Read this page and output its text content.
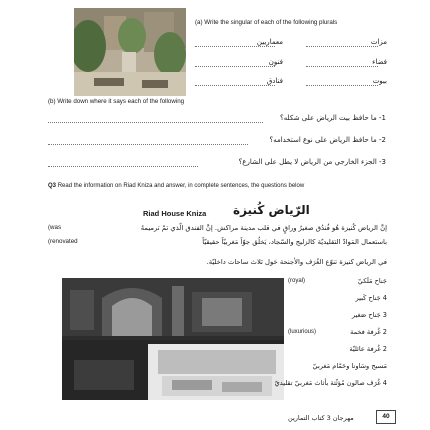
(a) Write the singular of each of the following plurals
مزات
معماريين
فضاء
فنون
بيوت
فنادق
(b) Write down where it says each of the following
1- ما حافظ بيت الرياض على شكله؟
2- ما حافظ الرياض على نوع استخدامه؟
3- الجزء الخارجي من الرياض لا يطل على الشارع؟
Q3 Read the information on Riad Kniza and answer, in complete sentences, the questions below
Riad House Kniza الرّياض كُنيزة
إنَّ الرياض كُنيزة هُو فُندُق صغيرٌ وراقٍ في قلب مدينة مراكش. إنَّ الفندق الّذي تمّ ترميمهُ
(was
باستعمال المَوادّ التقليديّة كالزليج والسّجاد، يَخلُق جوّاً مَغربيّاً حقيقيّاً
(renovated
في الرياض كنيزة تنوّع الغُرَف والأجنحة حَول ثلاث ساحات داخليّة.
جَناح مَلَكيّ
(royal)
4 جَناح كَبير
3 جَناح صَغير
2 غُرفة فخمة
(luxurious)
2 غُرفة عائليّة
مَسبح وسَاونا وحَمّام مَغربيّ
4 غُرَف صالون مُؤثّثة بأثاث مَغربيّ تقليديّ
مهرجان 3 كتاب التمارين	40
